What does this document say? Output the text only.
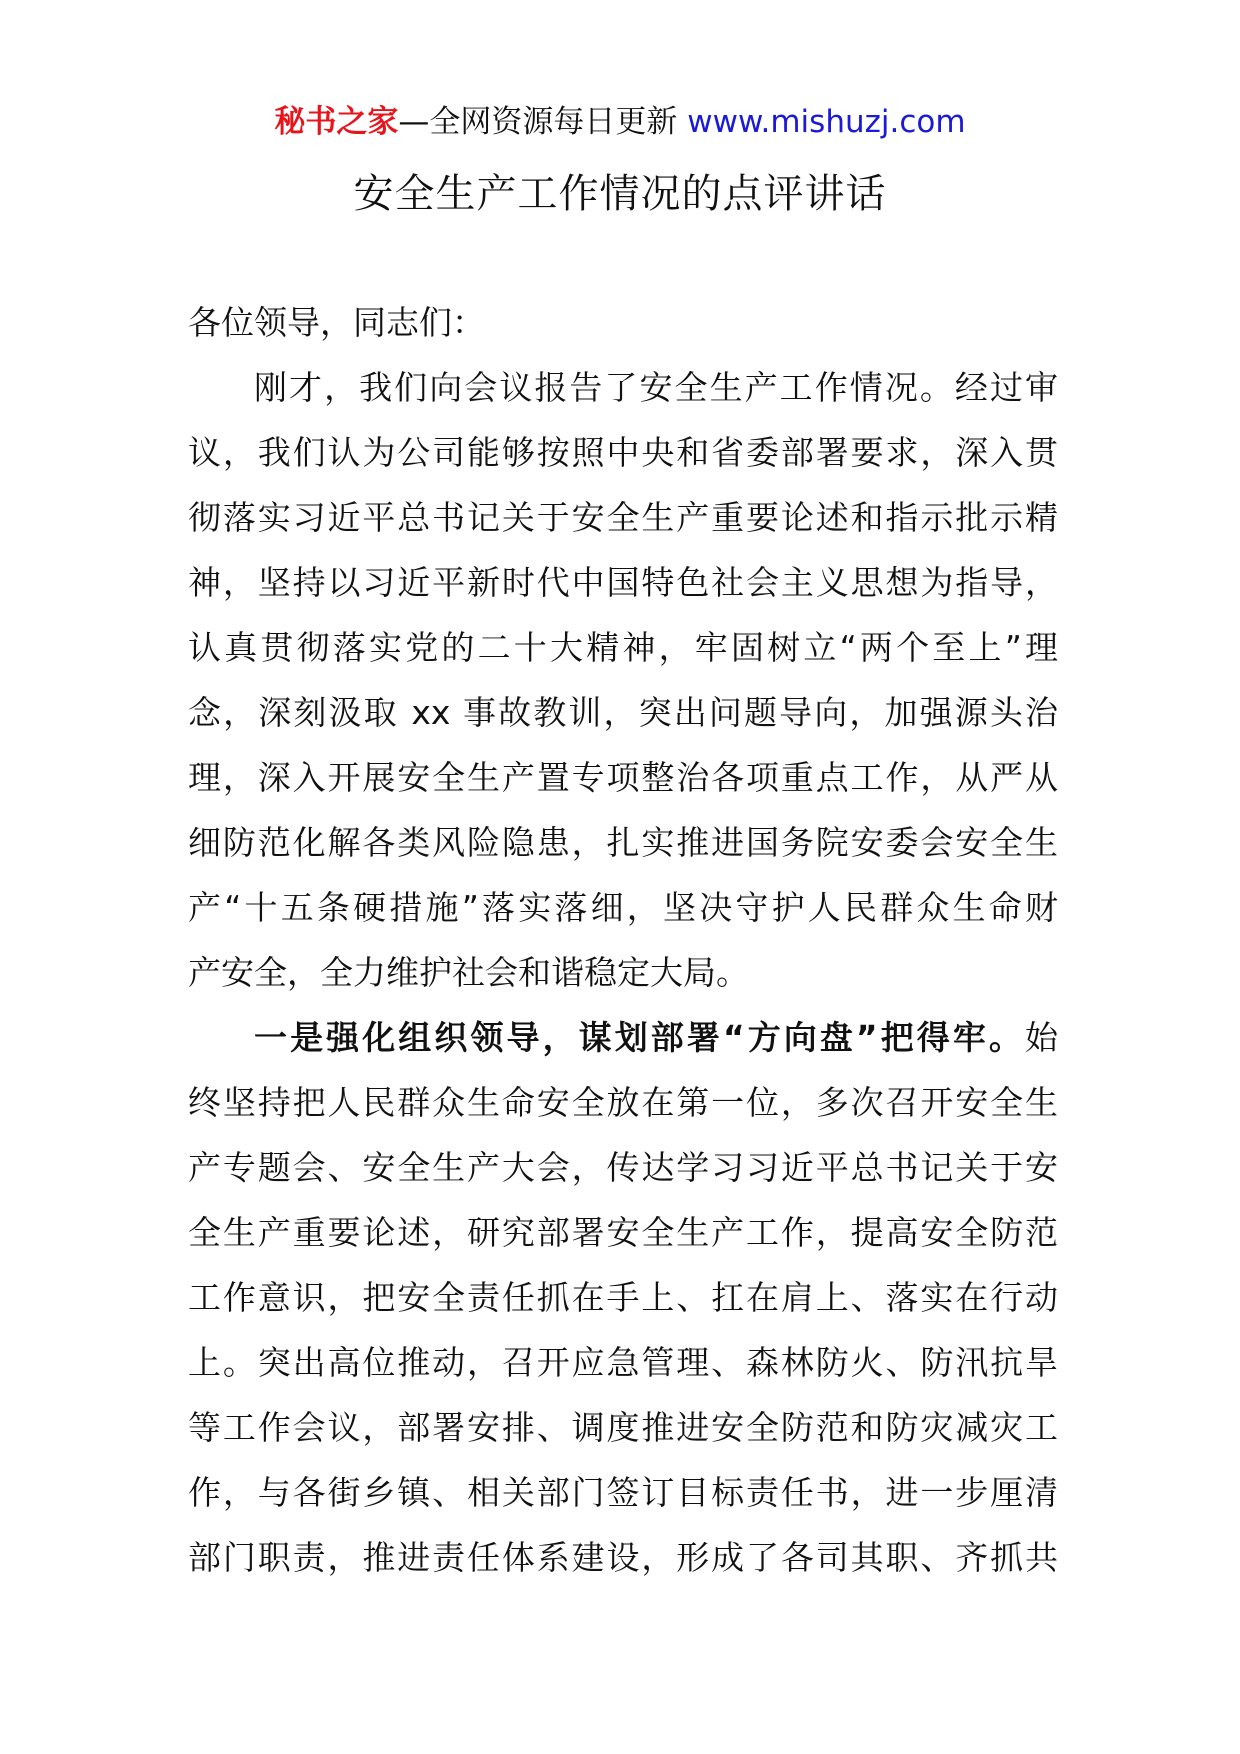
秘书之家—全网资源每日更新 www.mishuzj.com
安全生产工作情况的点评讲话
各位领导，同志们：
刚才，我们向会议报告了安全生产工作情况。经过审
议，我们认为公司能够按照中央和省委部署要求，深入贯
彻落实习近平总书记关于安全生产重要论述和指示批示精
神，坚持以习近平新时代中国特色社会主义思想为指导，
认真贯彻落实党的二十大精神，牢固树立“两个至上”理
念，深刻汲取 xx 事故教训，突出问题导向，加强源头治
理，深入开展安全生产置专项整治各项重点工作，从严从
细防范化解各类风险隐患，扎实推进国务院安委会安全生
产“十五条硬措施”落实落细，坚决守护人民群众生命财
产安全，全力维护社会和谐稳定大局。
一是强化组织领导，谋划部署“方向盘”把得牢。始
终坚持把人民群众生命安全放在第一位，多次召开安全生
产专题会、安全生产大会，传达学习习近平总书记关于安
全生产重要论述，研究部署安全生产工作，提高安全防范
工作意识，把安全责任抓在手上、扛在肩上、落实在行动
上。突出高位推动，召开应急管理、森林防火、防汛抗旱
等工作会议，部署安排、调度推进安全防范和防灾减灾工
作，与各街乡镇、相关部门签订目标责任书，进一步厘清
部门职责，推进责任体系建设，形成了各司其职、齐抓共
